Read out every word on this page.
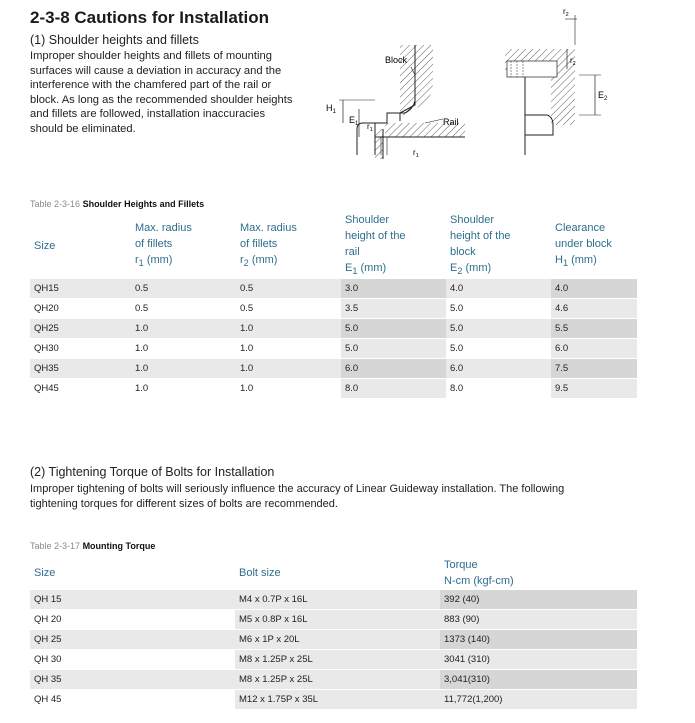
2-3-8 Cautions for Installation
(1) Shoulder heights and fillets
Improper shoulder heights and fillets of mounting
surfaces will cause a deviation in accuracy and the
interference with the chamfered part of the rail or
block. As long as the recommended shoulder heights
and fillets are followed, installation inaccuracies
should be eliminated.
$H_1$
$E_1$ $r_1$
$r_1$
Block
Rail
$r_2$
$r_2$
$E_2$
Table 2-3-16 Shoulder Heights and Fillets
Size	Max. radius
of fillets
$r_1$ (mm)	Max. radius
of fillets
$r_2$ (mm)	Shoulder
height of the
rail
$E_1$ (mm)	Shoulder
height of the
block
$E_2$ (mm)	Clearance
under block
$H_1$ (mm)
QH15	0.5	0.5	3.0	4.0	4.0
QH20	0.5	0.5	3.5	5.0	4.6
QH25	1.0	1.0	5.0	5.0	5.5
QH30	1.0	1.0	5.0	5.0	6.0
QH35	1.0	1.0	6.0	6.0	7.5
QH45	1.0	1.0	8.0	8.0	9.5
(2) Tightening Torque of Bolts for Installation
Improper tightening of bolts will seriously influence the accuracy of Linear Guideway installation. The following
tightening torques for different sizes of bolts are recommended.
Table 2-3-17 Mounting Torque
Size	Bolt size	Torque
N-cm (kgf-cm)
QH 15	M4 x 0.7P x 16L	392 (40)
QH 20	M5 x 0.8P x 16L	883 (90)
QH 25	M6 x 1P x 20L	1373 (140)
QH 30	M8 x 1.25P x 25L	3041 (310)
QH 35	M8 x 1.25P x 25L	3,041(310)
QH 45	M12 x 1.75P x 35L	11,772(1,200)
